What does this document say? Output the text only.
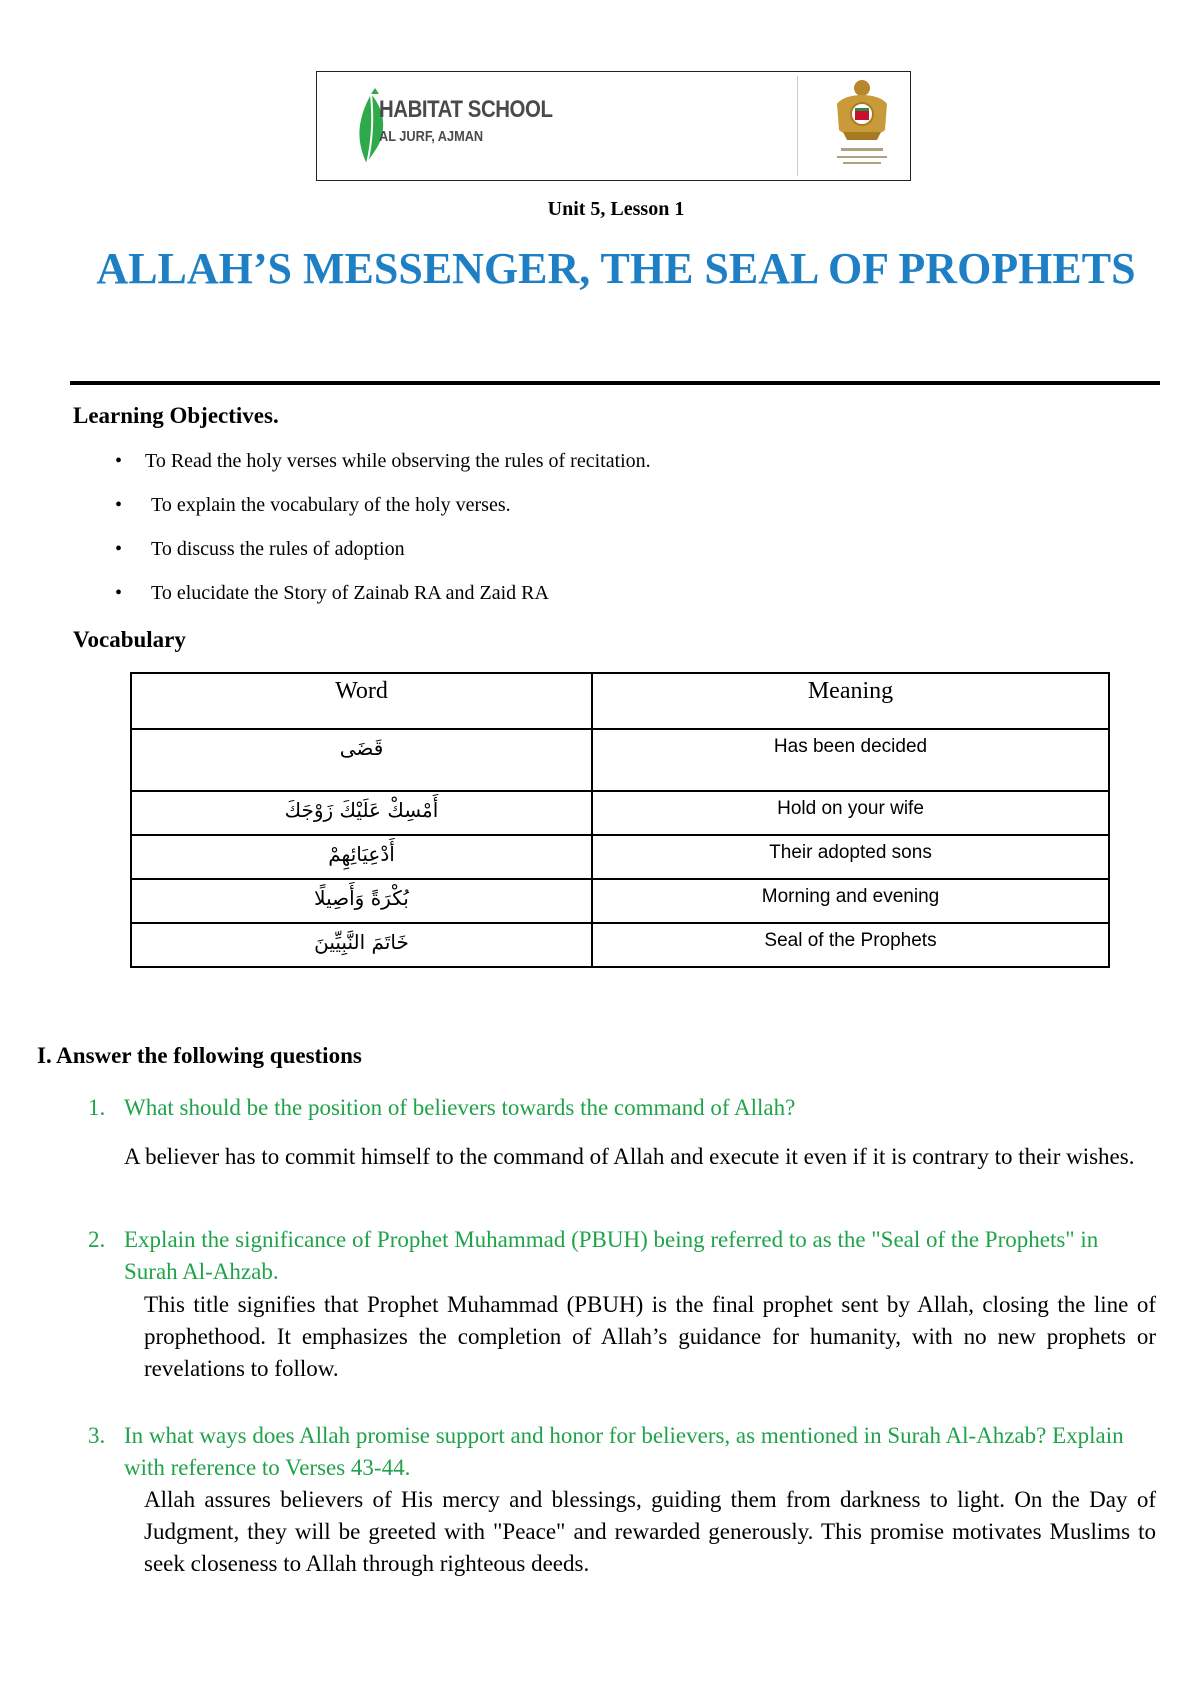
HABITAT SCHOOL
AL JURF, AJMAN
Unit 5, Lesson 1
ALLAH’S MESSENGER, THE SEAL OF PROPHETS
Learning Objectives.
• To Read the holy verses while observing the rules of recitation.
• To explain the vocabulary of the holy verses.
• To discuss the rules of adoption
• To elucidate the Story of Zainab RA and Zaid RA
Vocabulary
Word	Meaning
قَضَى	Has been decided
أَمْسِكْ عَلَيْكَ زَوْجَكَ	Hold on your wife
أَدْعِيَائِهِمْ	Their adopted sons
بُكْرَةً وَأَصِيلًا	Morning and evening
خَاتَمَ النَّبِيِّينَ	Seal of the Prophets
I. Answer the following questions
1. What should be the position of believers towards the command of Allah?
A believer has to commit himself to the command of Allah and execute it even if it is contrary to their wishes.
2. Explain the significance of Prophet Muhammad (PBUH) being referred to as the "Seal of the Prophets" in Surah Al-Ahzab.
This title signifies that Prophet Muhammad (PBUH) is the final prophet sent by Allah, closing the line of prophethood. It emphasizes the completion of Allah’s guidance for humanity, with no new prophets or revelations to follow.
3. In what ways does Allah promise support and honor for believers, as mentioned in Surah Al-Ahzab? Explain with reference to Verses 43-44.
Allah assures believers of His mercy and blessings, guiding them from darkness to light. On the Day of Judgment, they will be greeted with "Peace" and rewarded generously. This promise motivates Muslims to seek closeness to Allah through righteous deeds.
